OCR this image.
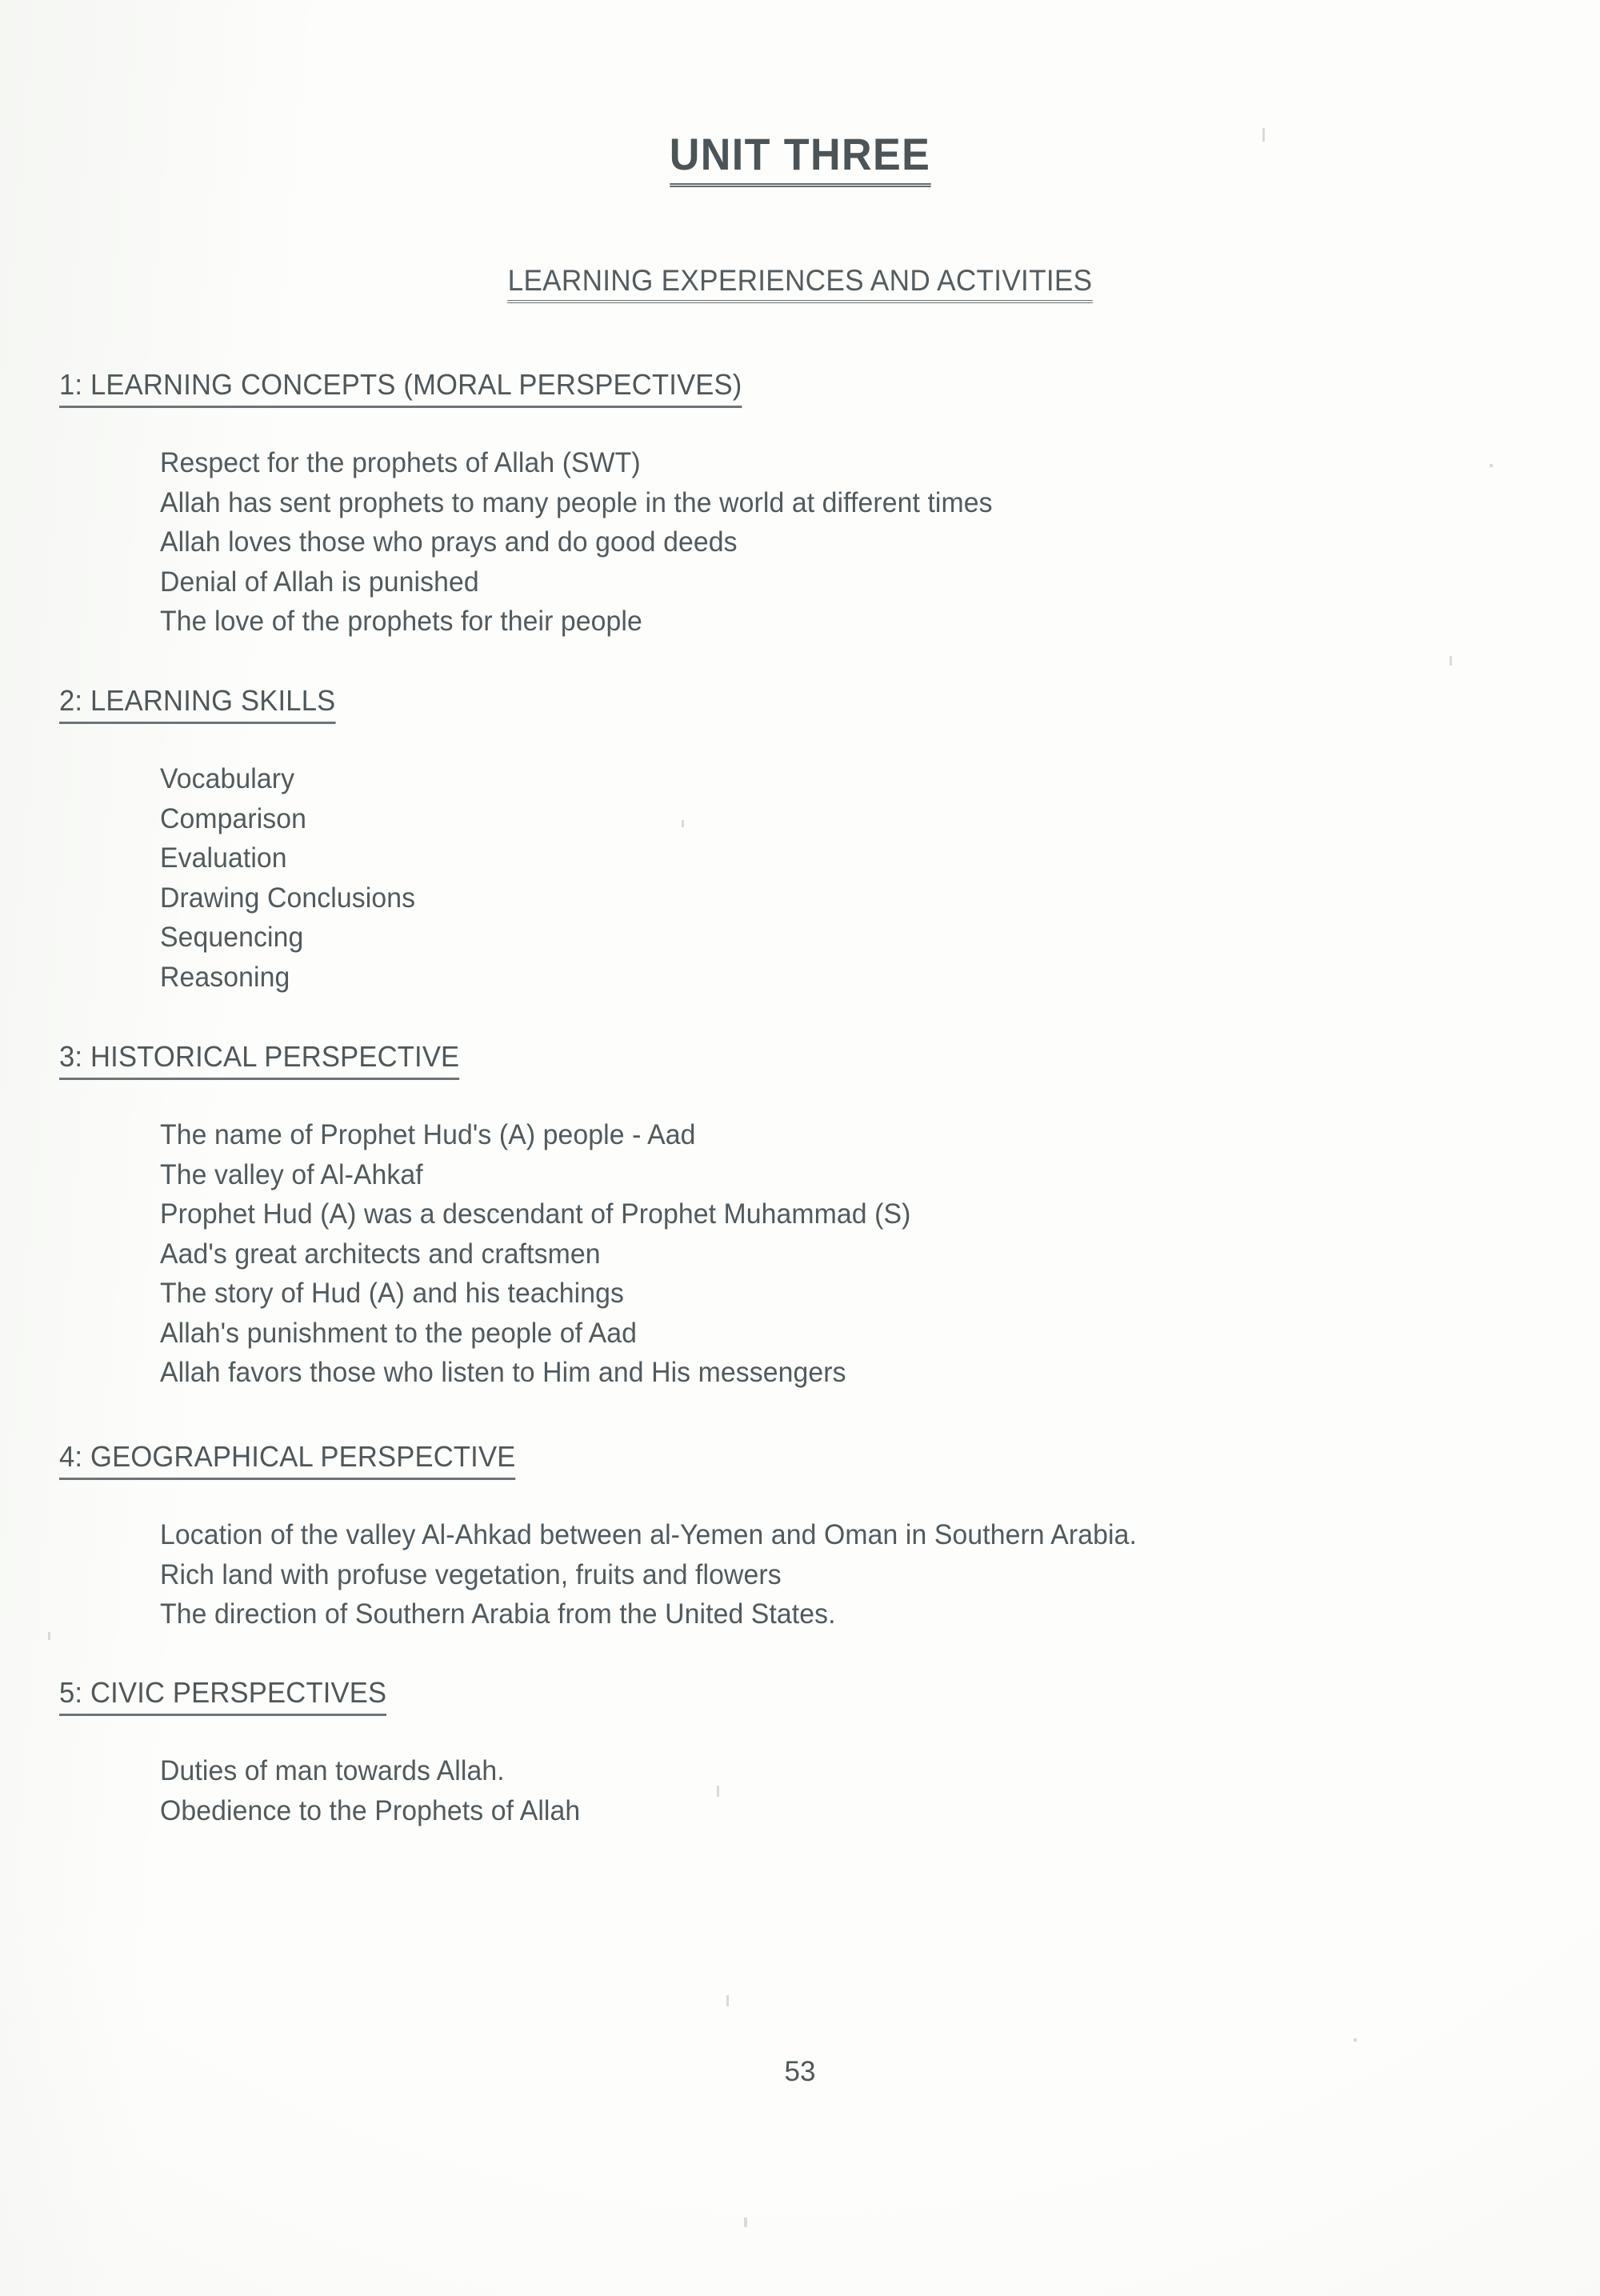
UNIT THREE
LEARNING EXPERIENCES AND ACTIVITIES
1: LEARNING CONCEPTS (MORAL PERSPECTIVES)
Respect for the prophets of Allah (SWT)
Allah has sent prophets to many people in the world at different times
Allah loves those who prays and do good deeds
Denial of Allah is punished
The love of the prophets for their people
2: LEARNING SKILLS
Vocabulary
Comparison
Evaluation
Drawing Conclusions
Sequencing
Reasoning
3: HISTORICAL PERSPECTIVE
The name of Prophet Hud's (A) people - Aad
The valley of Al-Ahkaf
Prophet Hud (A) was a descendant of Prophet Muhammad (S)
Aad's great architects and craftsmen
The story of Hud (A) and his teachings
Allah's punishment to the people of Aad
Allah favors those who listen to Him and His messengers
4: GEOGRAPHICAL PERSPECTIVE
Location of the valley Al-Ahkad between al-Yemen and Oman in Southern Arabia.
Rich land with profuse vegetation, fruits and flowers
The direction of Southern Arabia from the United States.
5: CIVIC PERSPECTIVES
Duties of man towards Allah.
Obedience to the Prophets of Allah
53
